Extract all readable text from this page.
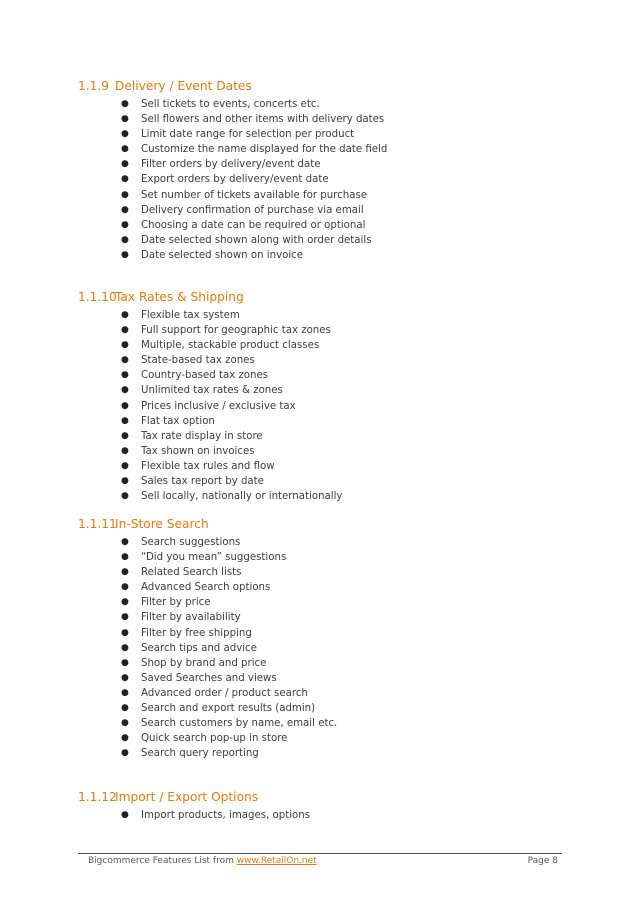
1.1.9 Delivery / Event Dates
● Sell tickets to events, concerts etc.
● Sell flowers and other items with delivery dates
● Limit date range for selection per product
● Customize the name displayed for the date field
● Filter orders by delivery/event date
● Export orders by delivery/event date
● Set number of tickets available for purchase
● Delivery confirmation of purchase via email
● Choosing a date can be required or optional
● Date selected shown along with order details
● Date selected shown on invoice
1.1.10Tax Rates & Shipping
● Flexible tax system
● Full support for geographic tax zones
● Multiple, stackable product classes
● State-based tax zones
● Country-based tax zones
● Unlimited tax rates & zones
● Prices inclusive / exclusive tax
● Flat tax option
● Tax rate display in store
● Tax shown on invoices
● Flexible tax rules and flow
● Sales tax report by date
● Sell locally, nationally or internationally
1.1.11In-Store Search
● Search suggestions
● “Did you mean” suggestions
● Related Search lists
● Advanced Search options
● Filter by price
● Filter by availability
● Filter by free shipping
● Search tips and advice
● Shop by brand and price
● Saved Searches and views
● Advanced order / product search
● Search and export results (admin)
● Search customers by name, email etc.
● Quick search pop-up in store
● Search query reporting
1.1.12Import / Export Options
● Import products, images, options
Bigcommerce Features List from www.RetailOn.net	Page 8
